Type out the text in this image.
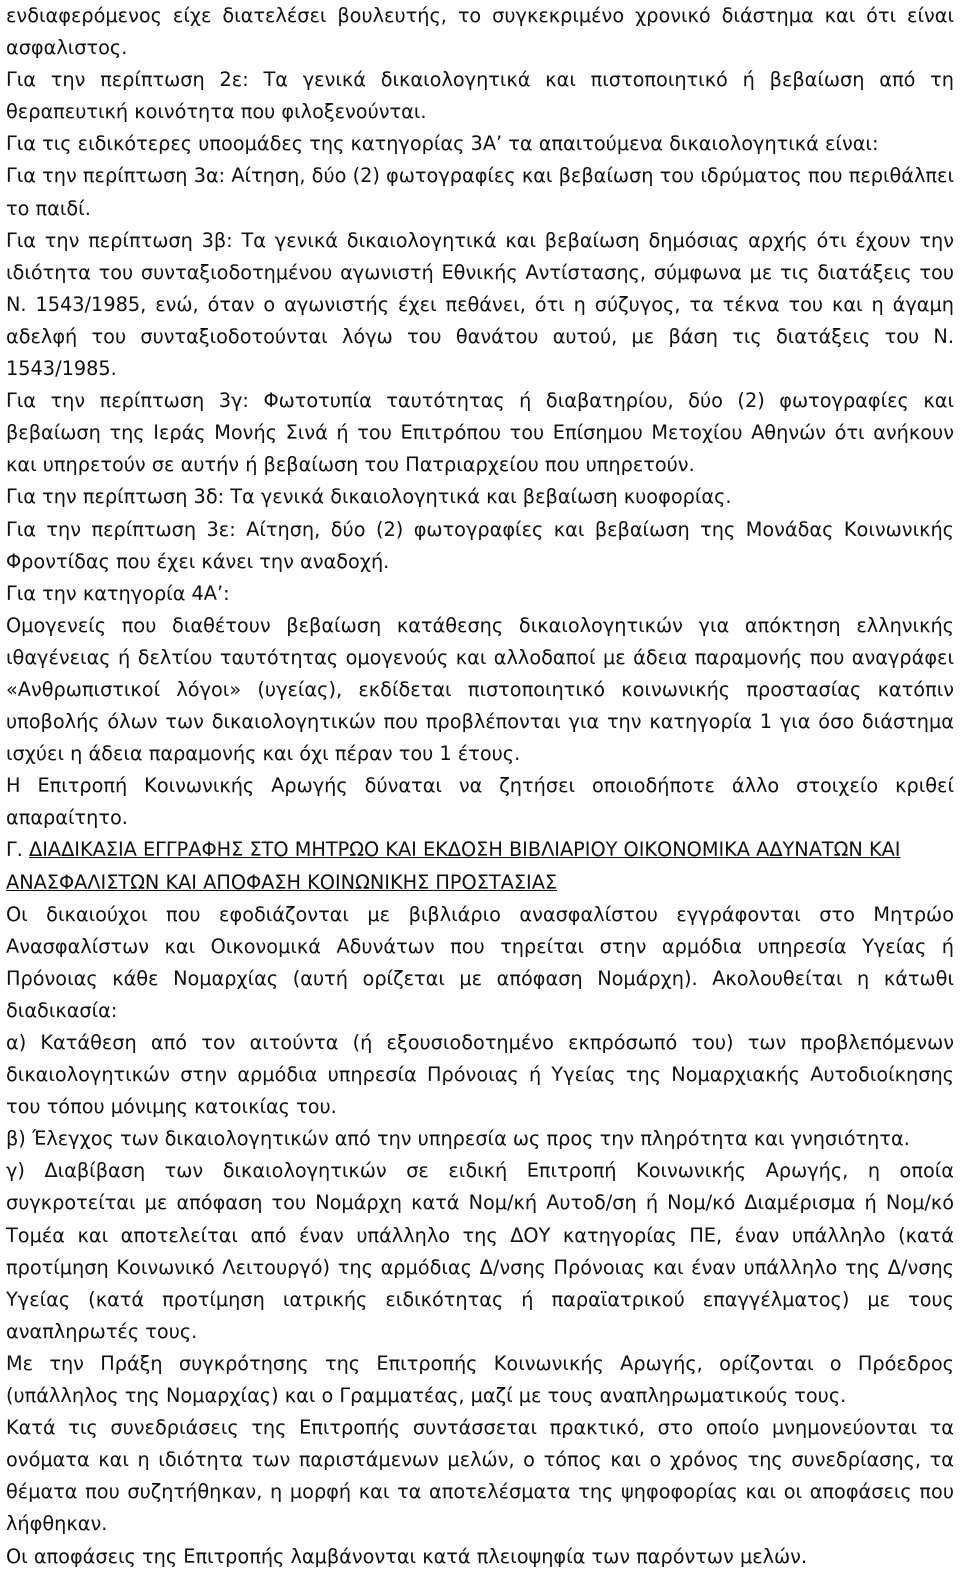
ενδιαφερόμενος είχε διατελέσει βουλευτής, το συγκεκριμένο χρονικό διάστημα και ότι είναι ασφαλιστος.

Για την περίπτωση 2ε: Τα γενικά δικαιολογητικά και πιστοποιητικό ή βεβαίωση από τη θεραπευτική κοινότητα που φιλοξενούνται.

Για τις ειδικότερες υποομάδες της κατηγορίας 3Α’ τα απαιτούμενα δικαιολογητικά είναι:

Για την περίπτωση 3α: Αίτηση, δύο (2) φωτογραφίες και βεβαίωση του ιδρύματος που περιθάλπει το παιδί.

Για την περίπτωση 3β: Τα γενικά δικαιολογητικά και βεβαίωση δημόσιας αρχής ότι έχουν την ιδιότητα του συνταξιοδοτημένου αγωνιστή Εθνικής Αντίστασης, σύμφωνα με τις διατάξεις του Ν. 1543/1985, ενώ, όταν ο αγωνιστής έχει πεθάνει, ότι η σύζυγος, τα τέκνα του και η άγαμη αδελφή του συνταξιοδοτούνται λόγω του θανάτου αυτού, με βάση τις διατάξεις του Ν. 1543/1985.

Για την περίπτωση 3γ: Φωτοτυπία ταυτότητας ή διαβατηρίου, δύο (2) φωτογραφίες και βεβαίωση της Ιεράς Μονής Σινά ή του Επιτρόπου του Επίσημου Μετοχίου Αθηνών ότι ανήκουν και υπηρετούν σε αυτήν ή βεβαίωση του Πατριαρχείου που υπηρετούν.

Για την περίπτωση 3δ: Τα γενικά δικαιολογητικά και βεβαίωση κυοφορίας.

Για την περίπτωση 3ε: Αίτηση, δύο (2) φωτογραφίες και βεβαίωση της Μονάδας Κοινωνικής Φροντίδας που έχει κάνει την αναδοχή.

Για την κατηγορία 4Α’:

Ομογενείς που διαθέτουν βεβαίωση κατάθεσης δικαιολογητικών για απόκτηση ελληνικής ιθαγένειας ή δελτίου ταυτότητας ομογενούς και αλλοδαποί με άδεια παραμονής που αναγράφει «Ανθρωπιστικοί λόγοι» (υγείας), εκδίδεται πιστοποιητικό κοινωνικής προστασίας κατόπιν υποβολής όλων των δικαιολογητικών που προβλέπονται για την κατηγορία 1 για όσο διάστημα ισχύει η άδεια παραμονής και όχι πέραν του 1 έτους.

Η Επιτροπή Κοινωνικής Αρωγής δύναται να ζητήσει οποιοδήποτε άλλο στοιχείο κριθεί απαραίτητο.

Γ. ΔΙΑΔΙΚΑΣΙΑ ΕΓΓΡΑΦΗΣ ΣΤΟ ΜΗΤΡΩΟ ΚΑΙ ΕΚΔΟΣΗ ΒΙΒΛΙΑΡΙΟΥ ΟΙΚΟΝΟΜΙΚΑ ΑΔΥΝΑΤΩΝ ΚΑΙ ΑΝΑΣΦΑΛΙΣΤΩΝ ΚΑΙ ΑΠΟΦΑΣΗ ΚΟΙΝΩΝΙΚΗΣ ΠΡΟΣΤΑΣΙΑΣ

Οι δικαιούχοι που εφοδιάζονται με βιβλιάριο ανασφαλίστου εγγράφονται στο Μητρώο Ανασφαλίστων και Οικονομικά Αδυνάτων που τηρείται στην αρμόδια υπηρεσία Υγείας ή Πρόνοιας κάθε Νομαρχίας (αυτή ορίζεται με απόφαση Νομάρχη). Ακολουθείται η κάτωθι διαδικασία:

α) Κατάθεση από τον αιτούντα (ή εξουσιοδοτημένο εκπρόσωπό του) των προβλεπόμενων δικαιολογητικών στην αρμόδια υπηρεσία Πρόνοιας ή Υγείας της Νομαρχιακής Αυτοδιοίκησης του τόπου μόνιμης κατοικίας του.

β) Έλεγχος των δικαιολογητικών από την υπηρεσία ως προς την πληρότητα και γνησιότητα.

γ) Διαβίβαση των δικαιολογητικών σε ειδική Επιτροπή Κοινωνικής Αρωγής, η οποία συγκροτείται με απόφαση του Νομάρχη κατά Νομ/κή Αυτοδ/ση ή Νομ/κό Διαμέρισμα ή Νομ/κό Τομέα και αποτελείται από έναν υπάλληλο της ΔΟΥ κατηγορίας ΠΕ, έναν υπάλληλο (κατά προτίμηση Κοινωνικό Λειτουργό) της αρμόδιας Δ/νσης Πρόνοιας και έναν υπάλληλο της Δ/νσης Υγείας (κατά προτίμηση ιατρικής ειδικότητας ή παραϊατρικού επαγγέλματος) με τους αναπληρωτές τους.

Με την Πράξη συγκρότησης της Επιτροπής Κοινωνικής Αρωγής, ορίζονται ο Πρόεδρος (υπάλληλος της Νομαρχίας) και ο Γραμματέας, μαζί με τους αναπληρωματικούς τους.

Κατά τις συνεδριάσεις της Επιτροπής συντάσσεται πρακτικό, στο οποίο μνημονεύονται τα ονόματα και η ιδιότητα των παριστάμενων μελών, ο τόπος και ο χρόνος της συνεδρίασης, τα θέματα που συζητήθηκαν, η μορφή και τα αποτελέσματα της ψηφοφορίας και οι αποφάσεις που λήφθηκαν.

Οι αποφάσεις της Επιτροπής λαμβάνονται κατά πλειοψηφία των παρόντων μελών.
